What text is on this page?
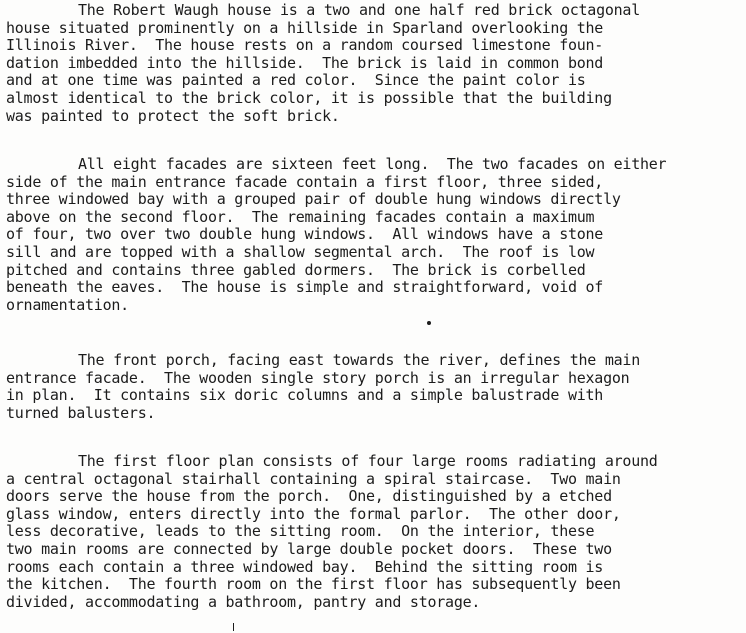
The Robert Waugh house is a two and one half red brick octagonal
house situated prominently on a hillside in Sparland overlooking the
Illinois River.  The house rests on a random coursed limestone foun-
dation imbedded into the hillside.  The brick is laid in common bond
and at one time was painted a red color.  Since the paint color is
almost identical to the brick color, it is possible that the building
was painted to protect the soft brick.
All eight facades are sixteen feet long.  The two facades on either
side of the main entrance facade contain a first floor, three sided,
three windowed bay with a grouped pair of double hung windows directly
above on the second floor.  The remaining facades contain a maximum
of four, two over two double hung windows.  All windows have a stone
sill and are topped with a shallow segmental arch.  The roof is low
pitched and contains three gabled dormers.  The brick is corbelled
beneath the eaves.  The house is simple and straightforward, void of
ornamentation.
The front porch, facing east towards the river, defines the main
entrance facade.  The wooden single story porch is an irregular hexagon
in plan.  It contains six doric columns and a simple balustrade with
turned balusters.
The first floor plan consists of four large rooms radiating around
a central octagonal stairhall containing a spiral staircase.  Two main
doors serve the house from the porch.  One, distinguished by a etched
glass window, enters directly into the formal parlor.  The other door,
less decorative, leads to the sitting room.  On the interior, these
two main rooms are connected by large double pocket doors.  These two
rooms each contain a three windowed bay.  Behind the sitting room is
the kitchen.  The fourth room on the first floor has subsequently been
divided, accommodating a bathroom, pantry and storage.
